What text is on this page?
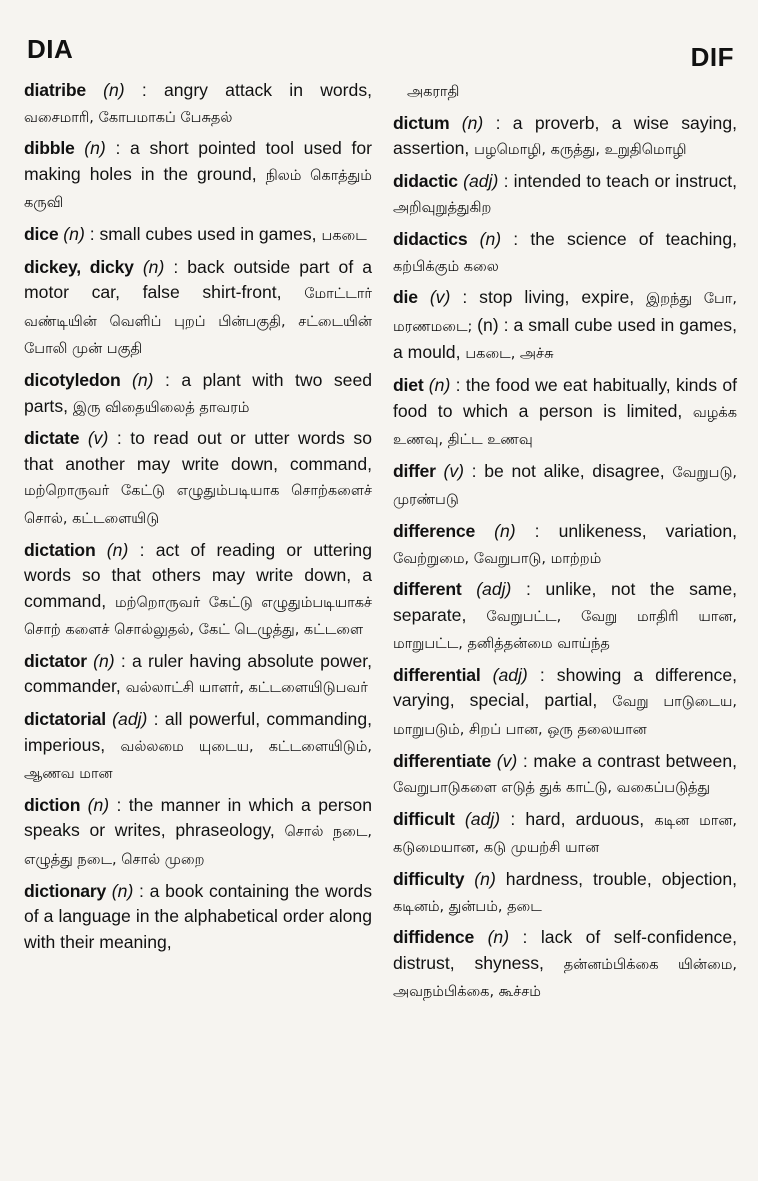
DIA	DIF
diatribe (n) : angry attack in words, வசைமாரி, கோபமாகப் பேசுதல்
dibble (n) : a short pointed tool used for making holes in the ground, நிலம் கொத்தும் கருவி
dice (n) : small cubes used in games, பகடை
dickey, dicky (n) : back outside part of a motor car, false shirt-front, மோட்டார் வண்டியின் வெளிப் புறப் பின்பகுதி, சட்டையின் போலி முன் பகுதி
dicotyledon (n) : a plant with two seed parts, இரு விதையிலைத் தாவரம்
dictate (v) : to read out or utter words so that another may write down, command, மற்றொருவர் கேட்டு எழுதும்படியாக சொற்களைச் சொல், கட்டளையிடு
dictation (n) : act of reading or uttering words so that others may write down, a command, மற்றொருவர் கேட்டு எழுதும்படியாகச் சொற் களைச் சொல்லுதல், கேட் டெழுத்து, கட்டளை
dictator (n) : a ruler having absolute power, commander, வல்லாட்சி யாளர், கட்டளையிடுபவர்
dictatorial (adj) : all powerful, commanding, imperious, வல்லமை யுடைய, கட்டளையிடும், ஆணவ மான
diction (n) : the manner in which a person speaks or writes, phraseology, சொல் நடை, எழுத்து நடை, சொல் முறை
dictionary (n) : a book containing the words of a language in the alphabetical order along with their meaning,
அகராதி
dictum (n) : a proverb, a wise saying, assertion, பழமொழி, கருத்து, உறுதிமொழி
didactic (adj) : intended to teach or instruct, அறிவுறுத்துகிற
didactics (n) : the science of teaching, கற்பிக்கும் கலை
die (v) : stop living, expire, இறந்து போ, மரணமடை; (n) : a small cube used in games, a mould, பகடை, அச்சு
diet (n) : the food we eat habitually, kinds of food to which a person is limited, வழக்க உணவு, திட்ட உணவு
differ (v) : be not alike, disagree, வேறுபடு, முரண்படு
difference (n) : unlikeness, variation, வேற்றுமை, வேறுபாடு, மாற்றம்
different (adj) : unlike, not the same, separate, வேறுபட்ட, வேறு மாதிரி யான, மாறுபட்ட, தனித்தன்மை வாய்ந்த
differential (adj) : showing a difference, varying, special, partial, வேறு பாடுடைய, மாறுபடும், சிறப் பான, ஒரு தலையான
differentiate (v) : make a contrast between, வேறுபாடுகளை எடுத் துக் காட்டு, வகைப்படுத்து
difficult (adj) : hard, arduous, கடின மான, கடுமையான, கடு முயற்சி யான
difficulty (n) hardness, trouble, objection, கடினம், துன்பம், தடை
diffidence (n) : lack of self-confidence, distrust, shyness, தன்னம்பிக்கை யின்மை, அவநம்பிக்கை, கூச்சம்
